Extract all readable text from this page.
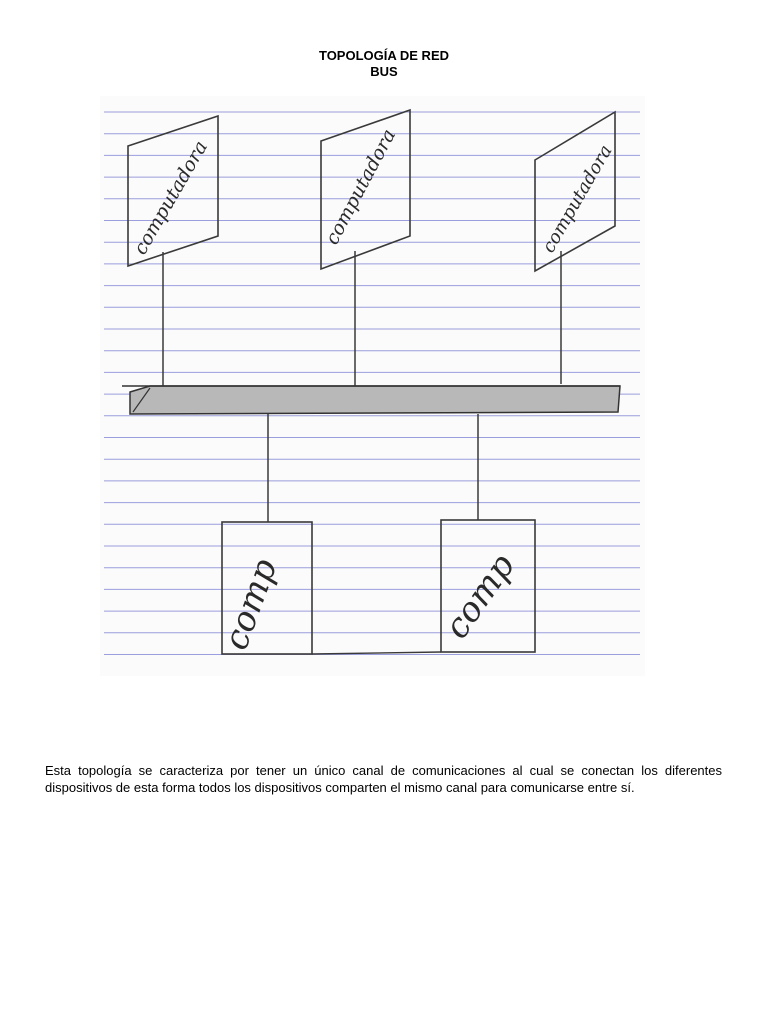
TOPOLOGÍA DE RED
BUS
computadora	computadora	computadora
comp	comp
Esta topología se caracteriza por tener un único canal de comunicaciones al cual se conectan los diferentes dispositivos de esta forma todos los dispositivos comparten el mismo canal para comunicarse entre sí.
